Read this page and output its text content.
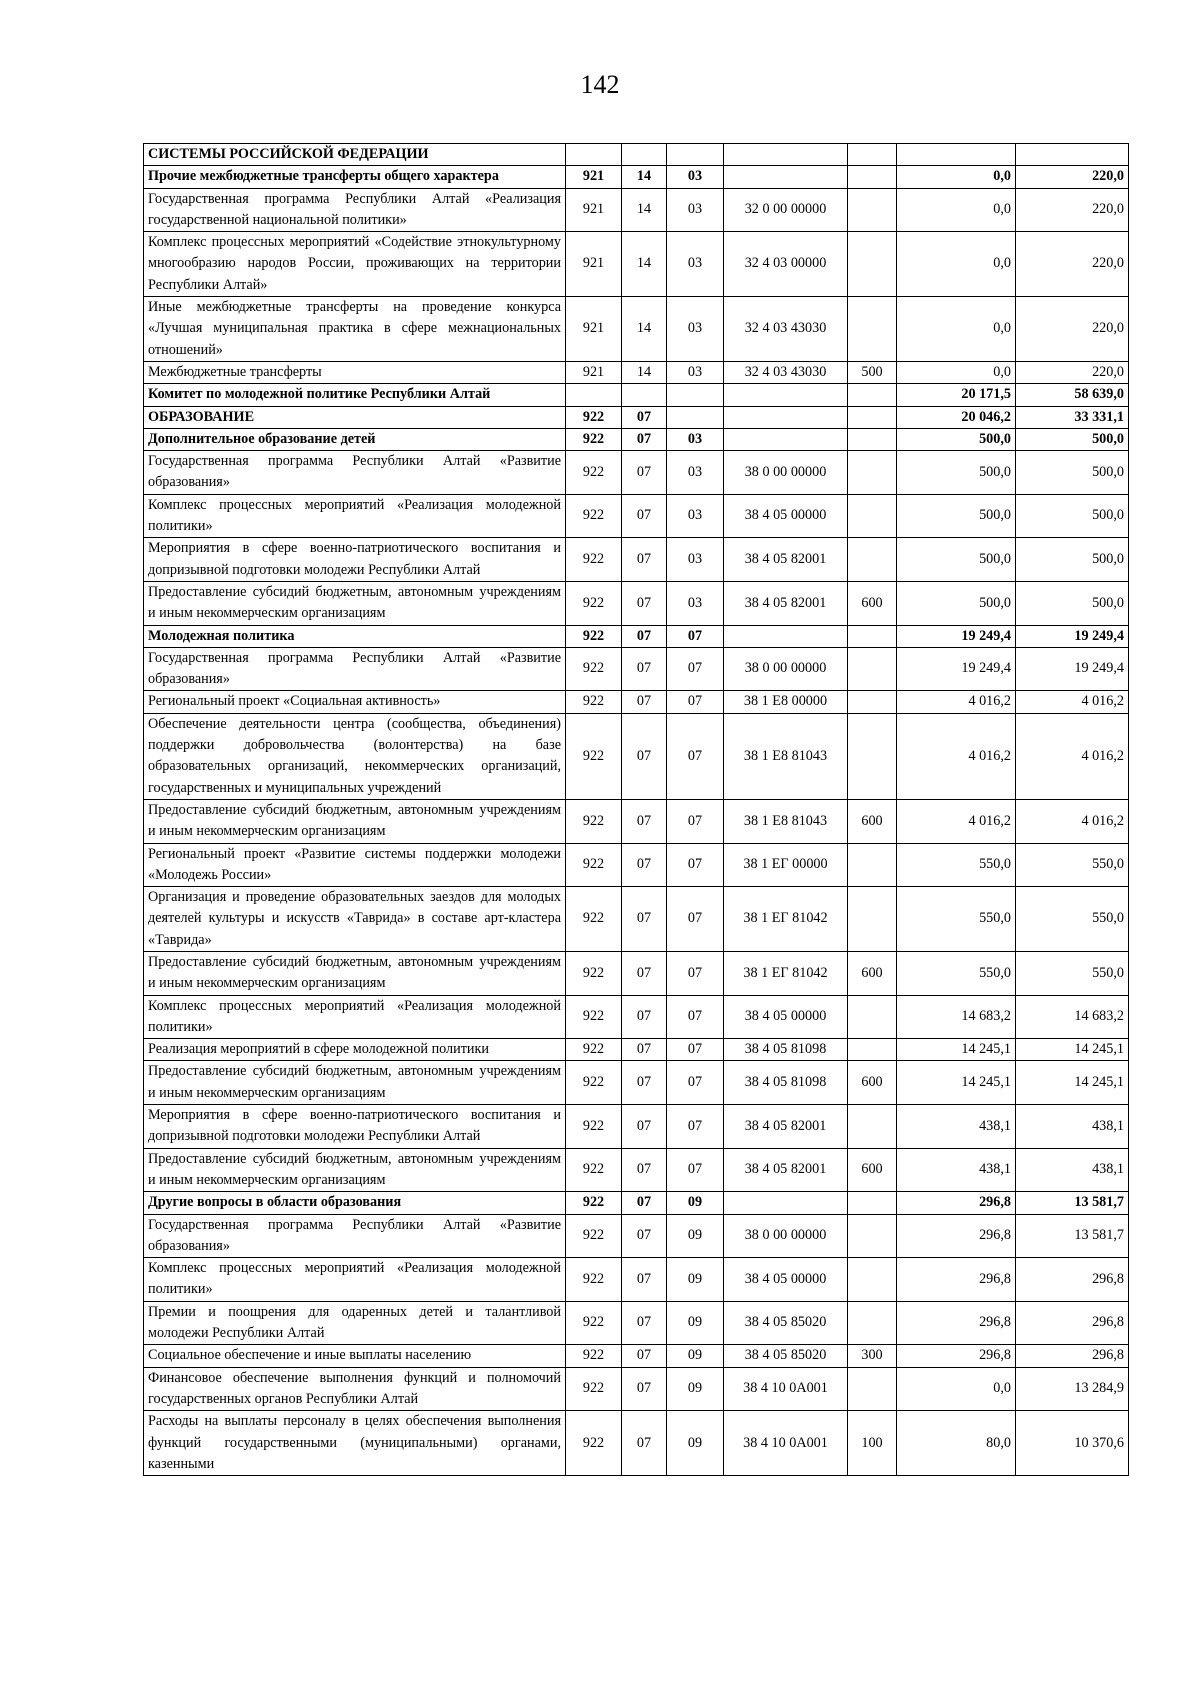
142
СИСТЕМЫ РОССИЙСКОЙ ФЕДЕРАЦИИ							
Прочие межбюджетные трансферты общего характера	921	14	03			0,0	220,0
Государственная программа Республики Алтай «Реализация государственной национальной политики»	921	14	03	32 0 00 00000		0,0	220,0
Комплекс процессных мероприятий «Содействие этнокультурному многообразию народов России, проживающих на территории Республики Алтай»	921	14	03	32 4 03 00000		0,0	220,0
Иные межбюджетные трансферты на проведение конкурса «Лучшая муниципальная практика в сфере межнациональных отношений»	921	14	03	32 4 03 43030		0,0	220,0
Межбюджетные трансферты	921	14	03	32 4 03 43030	500	0,0	220,0
Комитет по молодежной политике Республики Алтай						20 171,5	58 639,0
ОБРАЗОВАНИЕ	922	07				20 046,2	33 331,1
Дополнительное образование детей	922	07	03			500,0	500,0
Государственная программа Республики Алтай «Развитие образования»	922	07	03	38 0 00 00000		500,0	500,0
Комплекс процессных мероприятий «Реализация молодежной политики»	922	07	03	38 4 05 00000		500,0	500,0
Мероприятия в сфере военно-патриотического воспитания и допризывной подготовки молодежи Республики Алтай	922	07	03	38 4 05 82001		500,0	500,0
Предоставление субсидий бюджетным, автономным учреждениям и иным некоммерческим организациям	922	07	03	38 4 05 82001	600	500,0	500,0
Молодежная политика	922	07	07			19 249,4	19 249,4
Государственная программа Республики Алтай «Развитие образования»	922	07	07	38 0 00 00000		19 249,4	19 249,4
Региональный проект «Социальная активность»	922	07	07	38 1 Е8 00000		4 016,2	4 016,2
Обеспечение деятельности центра (сообщества, объединения) поддержки добровольчества (волонтерства) на базе образовательных организаций, некоммерческих организаций, государственных и муниципальных учреждений	922	07	07	38 1 Е8 81043		4 016,2	4 016,2
Предоставление субсидий бюджетным, автономным учреждениям и иным некоммерческим организациям	922	07	07	38 1 Е8 81043	600	4 016,2	4 016,2
Региональный проект «Развитие системы поддержки молодежи «Молодежь России»	922	07	07	38 1 ЕГ 00000		550,0	550,0
Организация и проведение образовательных заездов для молодых деятелей культуры и искусств «Таврида» в составе арт-кластера «Таврида»	922	07	07	38 1 ЕГ 81042		550,0	550,0
Предоставление субсидий бюджетным, автономным учреждениям и иным некоммерческим организациям	922	07	07	38 1 ЕГ 81042	600	550,0	550,0
Комплекс процессных мероприятий «Реализация молодежной политики»	922	07	07	38 4 05 00000		14 683,2	14 683,2
Реализация мероприятий в сфере молодежной политики	922	07	07	38 4 05 81098		14 245,1	14 245,1
Предоставление субсидий бюджетным, автономным учреждениям и иным некоммерческим организациям	922	07	07	38 4 05 81098	600	14 245,1	14 245,1
Мероприятия в сфере военно-патриотического воспитания и допризывной подготовки молодежи Республики Алтай	922	07	07	38 4 05 82001		438,1	438,1
Предоставление субсидий бюджетным, автономным учреждениям и иным некоммерческим организациям	922	07	07	38 4 05 82001	600	438,1	438,1
Другие вопросы в области образования	922	07	09			296,8	13 581,7
Государственная программа Республики Алтай «Развитие образования»	922	07	09	38 0 00 00000		296,8	13 581,7
Комплекс процессных мероприятий «Реализация молодежной политики»	922	07	09	38 4 05 00000		296,8	296,8
Премии и поощрения для одаренных детей и талантливой молодежи Республики Алтай	922	07	09	38 4 05 85020		296,8	296,8
Социальное обеспечение и иные выплаты населению	922	07	09	38 4 05 85020	300	296,8	296,8
Финансовое обеспечение выполнения функций и полномочий государственных органов Республики Алтай	922	07	09	38 4 10 0А001		0,0	13 284,9
Расходы на выплаты персоналу в целях обеспечения выполнения функций государственными (муниципальными) органами, казенными	922	07	09	38 4 10 0А001	100	80,0	10 370,6
